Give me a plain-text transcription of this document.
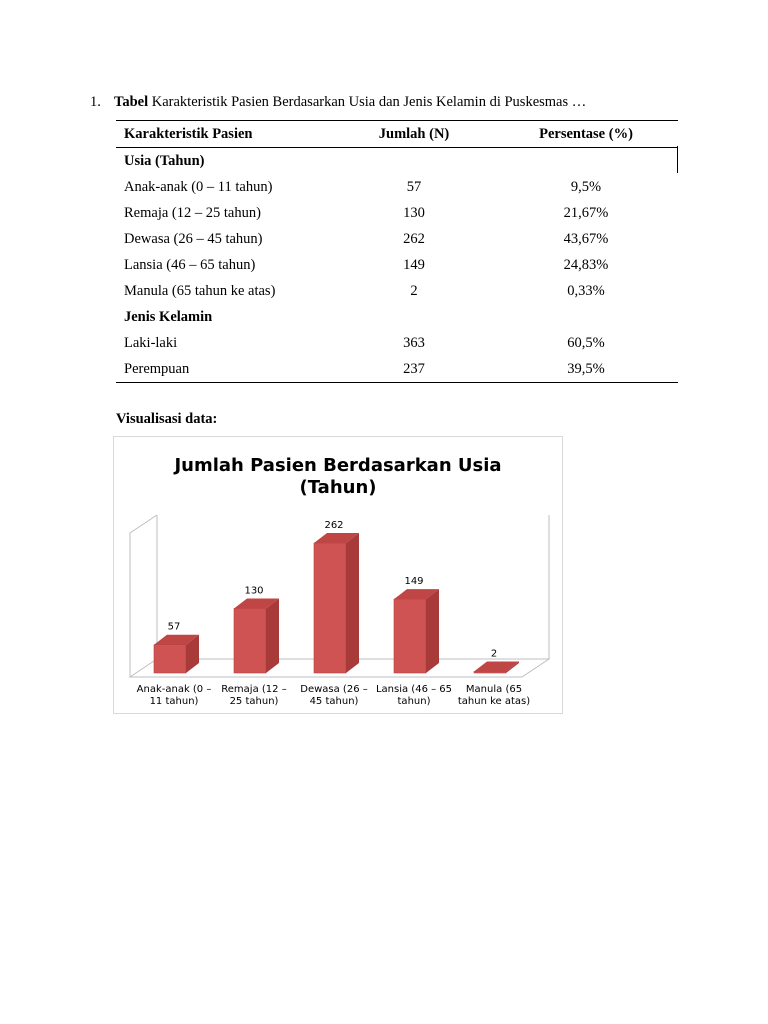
1. Tabel Karakteristik Pasien Berdasarkan Usia dan Jenis Kelamin di Puskesmas …
Karakteristik Pasien	Jumlah (N)	Persentase (%)
Usia (Tahun)		
Anak-anak (0 – 11 tahun)	57	9,5%
Remaja (12 – 25 tahun)	130	21,67%
Dewasa (26 – 45 tahun)	262	43,67%
Lansia (46 – 65 tahun)	149	24,83%
Manula (65 tahun ke atas)	2	0,33%
Jenis Kelamin		
Laki-laki	363	60,5%
Perempuan	237	39,5%
Visualisasi data:
Jumlah Pasien Berdasarkan Usia
(Tahun)
57
130
262
149
2
Anak-anak (0 –
11 tahun)
Remaja (12 –
25 tahun)
Dewasa (26 –
45 tahun)
Lansia (46 – 65
tahun)
Manula (65
tahun ke atas)
